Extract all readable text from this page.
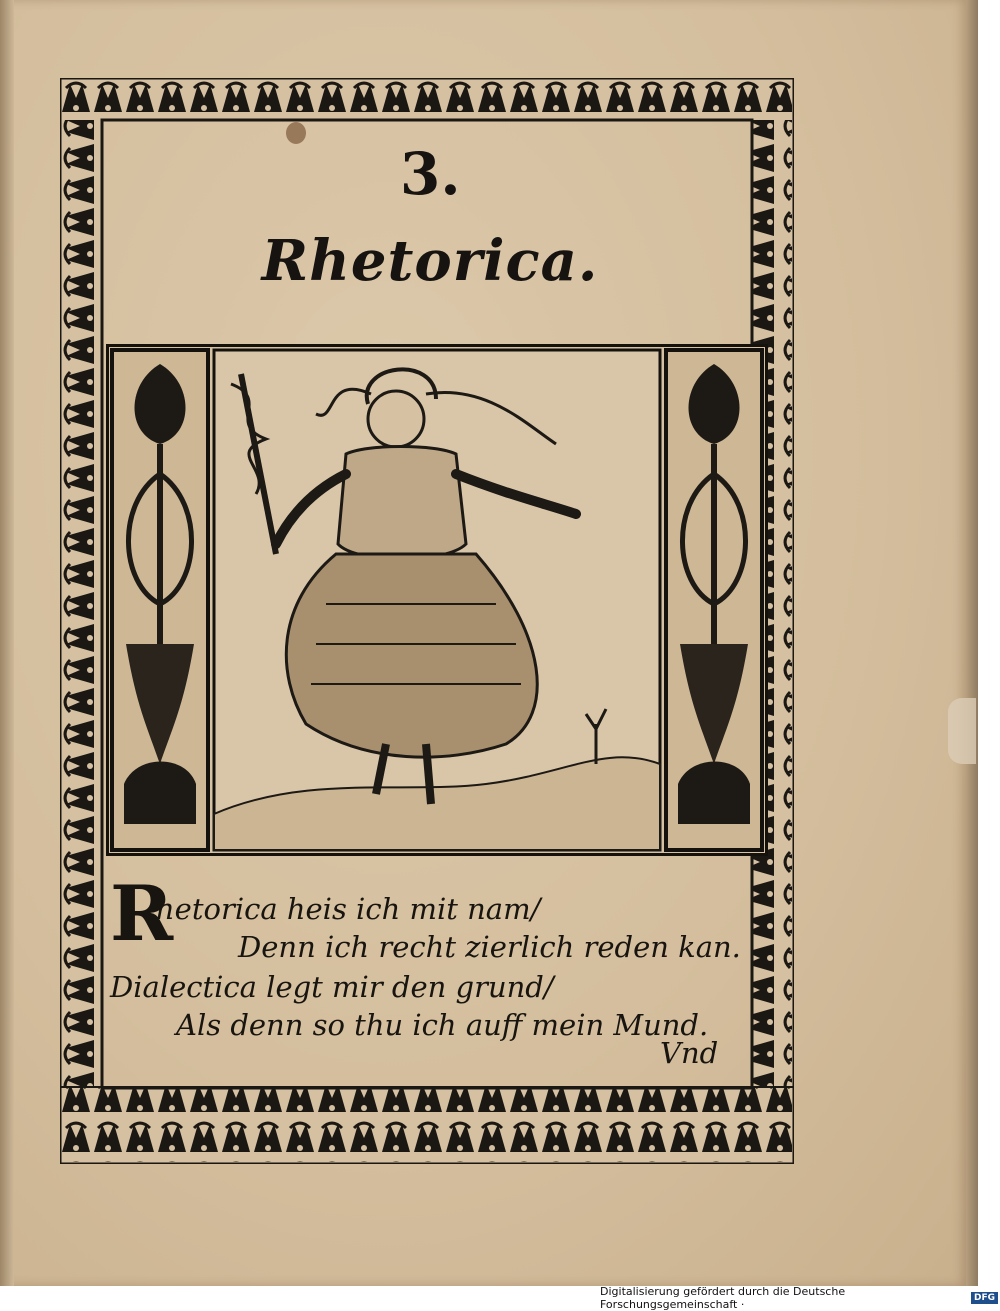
3.
Rhetorica.
R
hetorica heis ich mit nam/
Denn ich recht zierlich reden kan.
Dialectica legt mir den grund/
Als denn so thu ich auff mein Mund.
Vnd
Digitalisierung gefördert durch die Deutsche Forschungsgemeinschaft ·	DFG
